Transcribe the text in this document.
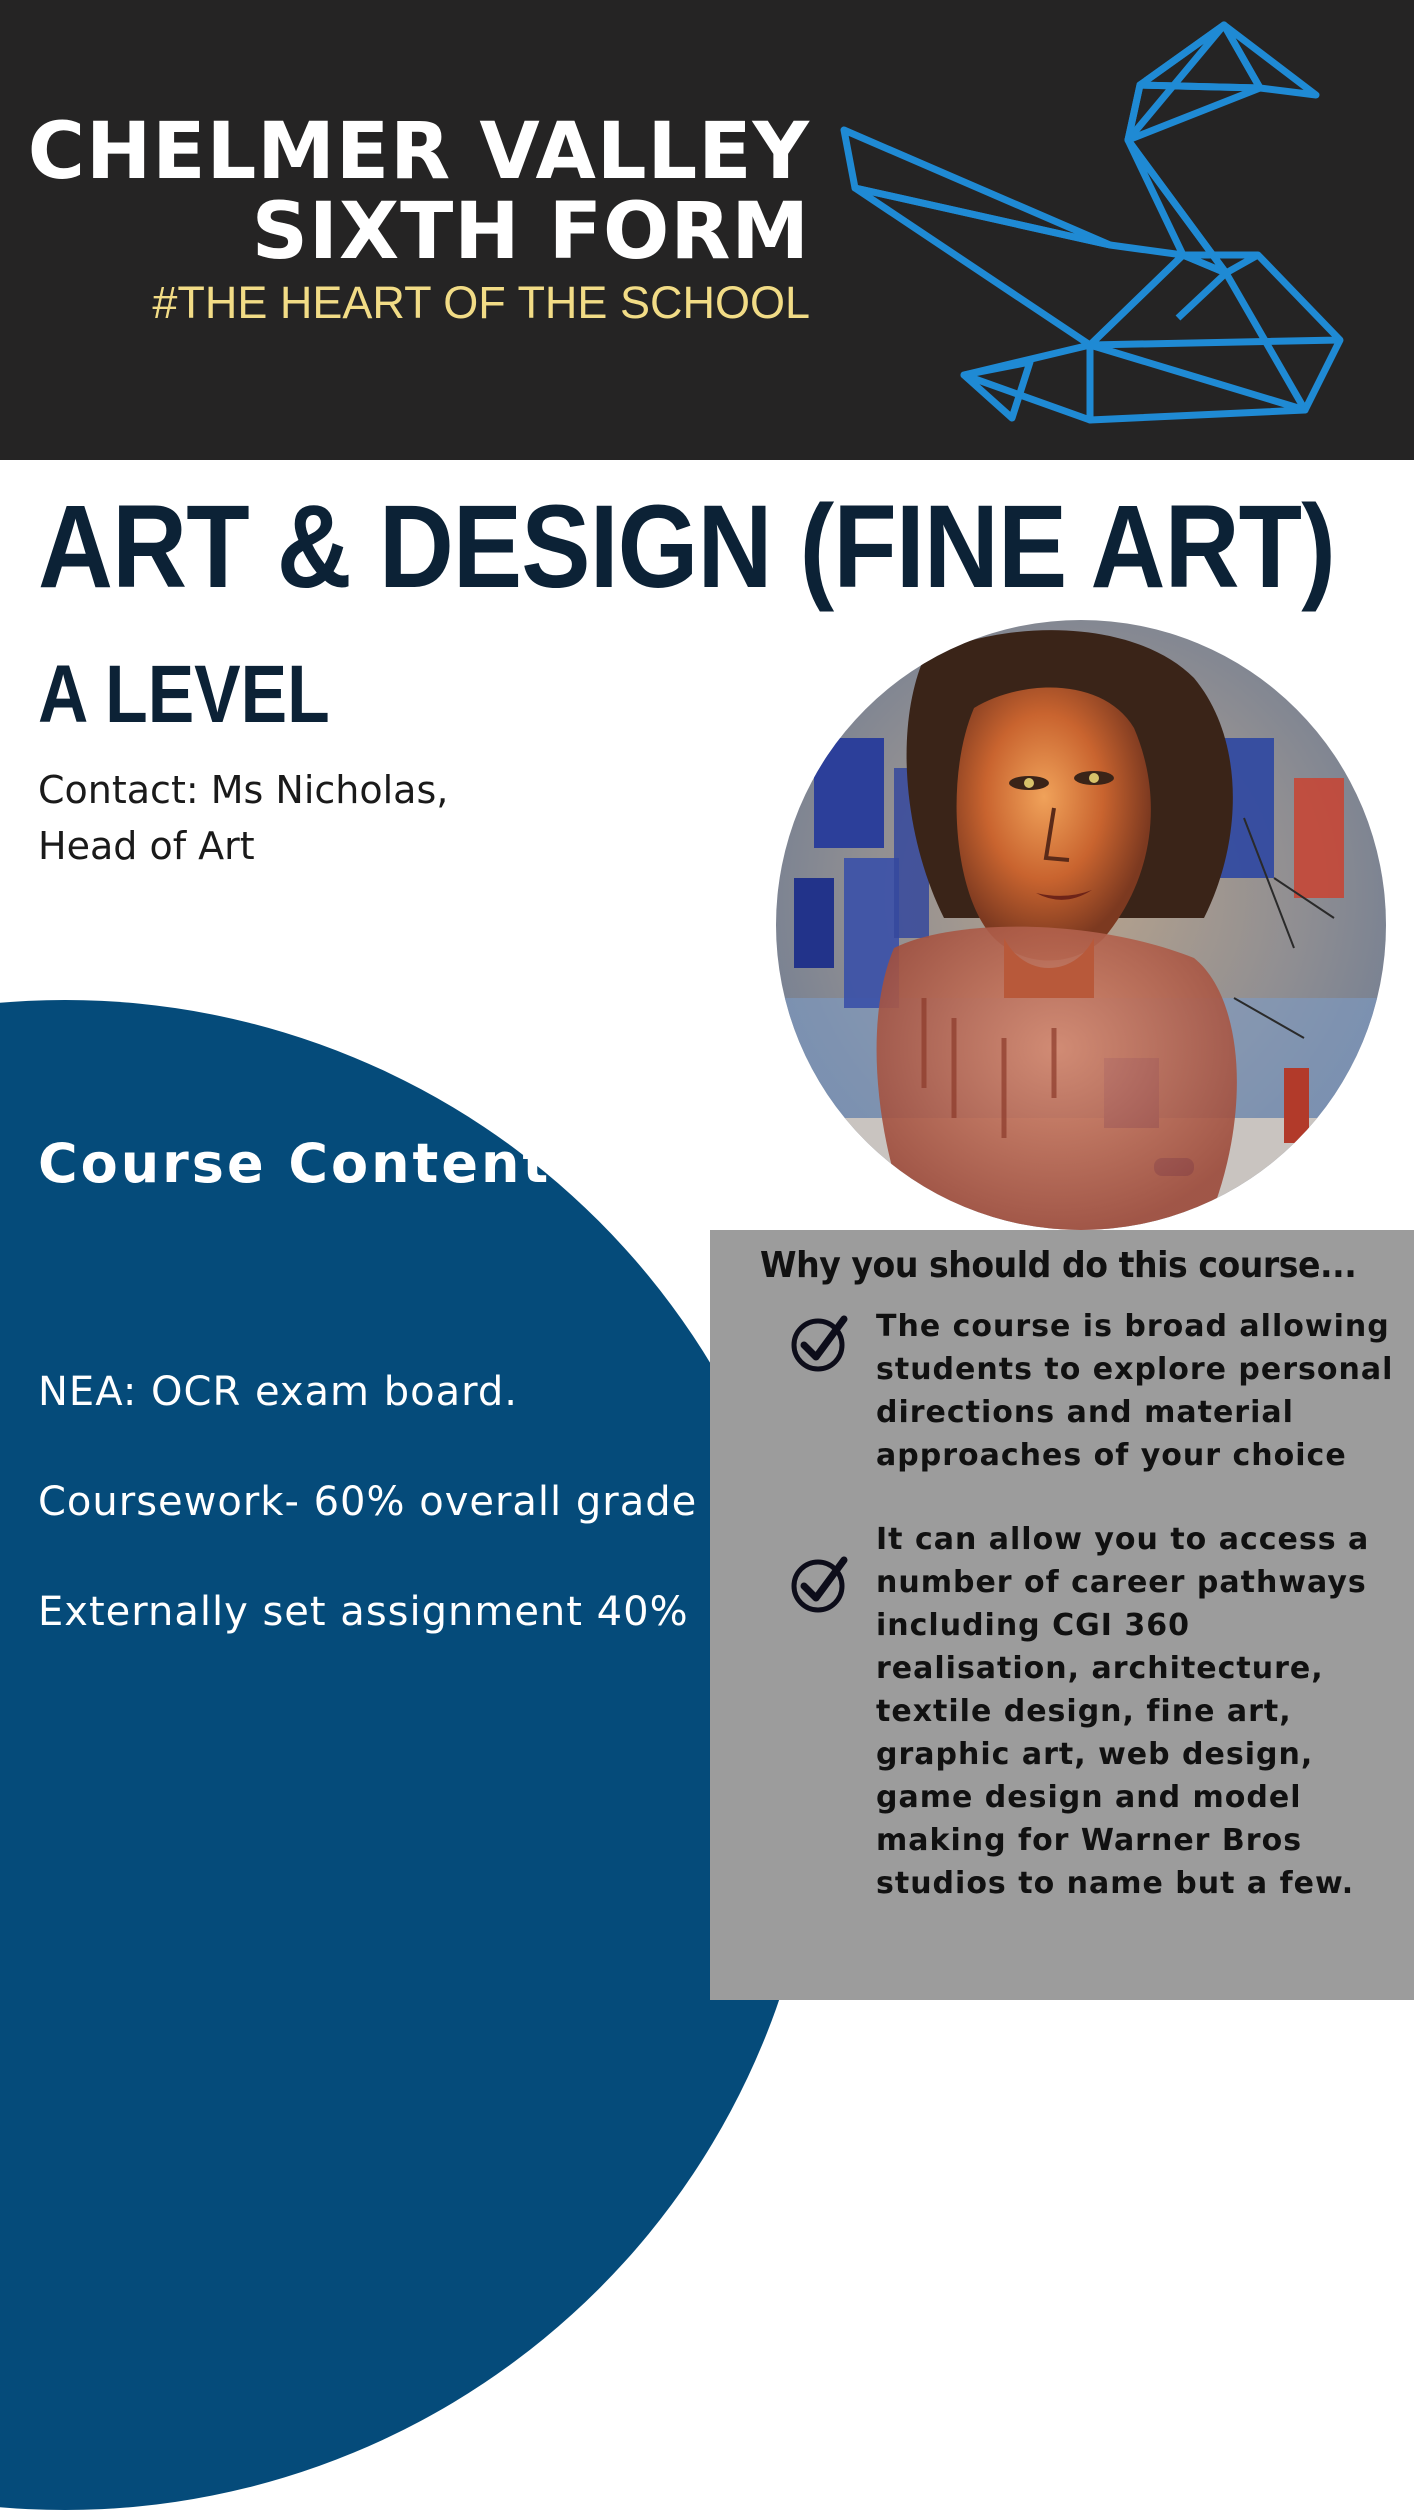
CHELMER VALLEY
SIXTH FORM
#THE HEART OF THE SCHOOL
ART & DESIGN (FINE ART)
A LEVEL
Contact: Ms Nicholas,
Head of Art
Course Content:
NEA: OCR exam board.
Coursework- 60% overall grade
Externally set assignment 40%
Why you should do this course...

The course is broad allowing students to explore personal directions and material approaches of your choice

It can allow you to access a number of career pathways including CGI 360 realisation, architecture, textile design, fine art, graphic art, web design, game design and model making for Warner Bros studios to name but a few.
